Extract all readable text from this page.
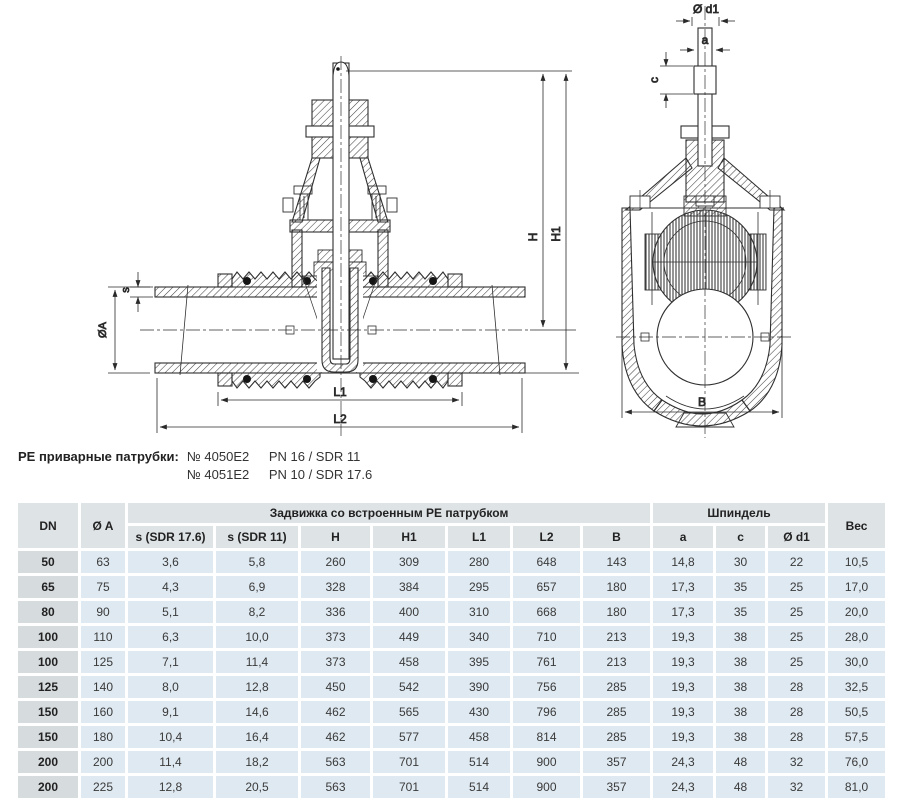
H H1
L1
L2
ØA
s
Ø d1
a
c
B
PE приварные патрубки: № 4050E2 PN 16 / SDR 11
№ 4051E2 PN 10 / SDR 17.6
DN	Ø A	Задвижка со встроенным PE патрубком							Шпиндель			Вес
		s (SDR 17.6)	s (SDR 11)	H	H1	L1	L2	B	a	c	Ø d1	
50	63	3,6	5,8	260	309	280	648	143	14,8	30	22	10,5
65	75	4,3	6,9	328	384	295	657	180	17,3	35	25	17,0
80	90	5,1	8,2	336	400	310	668	180	17,3	35	25	20,0
100	110	6,3	10,0	373	449	340	710	213	19,3	38	25	28,0
100	125	7,1	11,4	373	458	395	761	213	19,3	38	25	30,0
125	140	8,0	12,8	450	542	390	756	285	19,3	38	28	32,5
150	160	9,1	14,6	462	565	430	796	285	19,3	38	28	50,5
150	180	10,4	16,4	462	577	458	814	285	19,3	38	28	57,5
200	200	11,4	18,2	563	701	514	900	357	24,3	48	32	76,0
200	225	12,8	20,5	563	701	514	900	357	24,3	48	32	81,0
